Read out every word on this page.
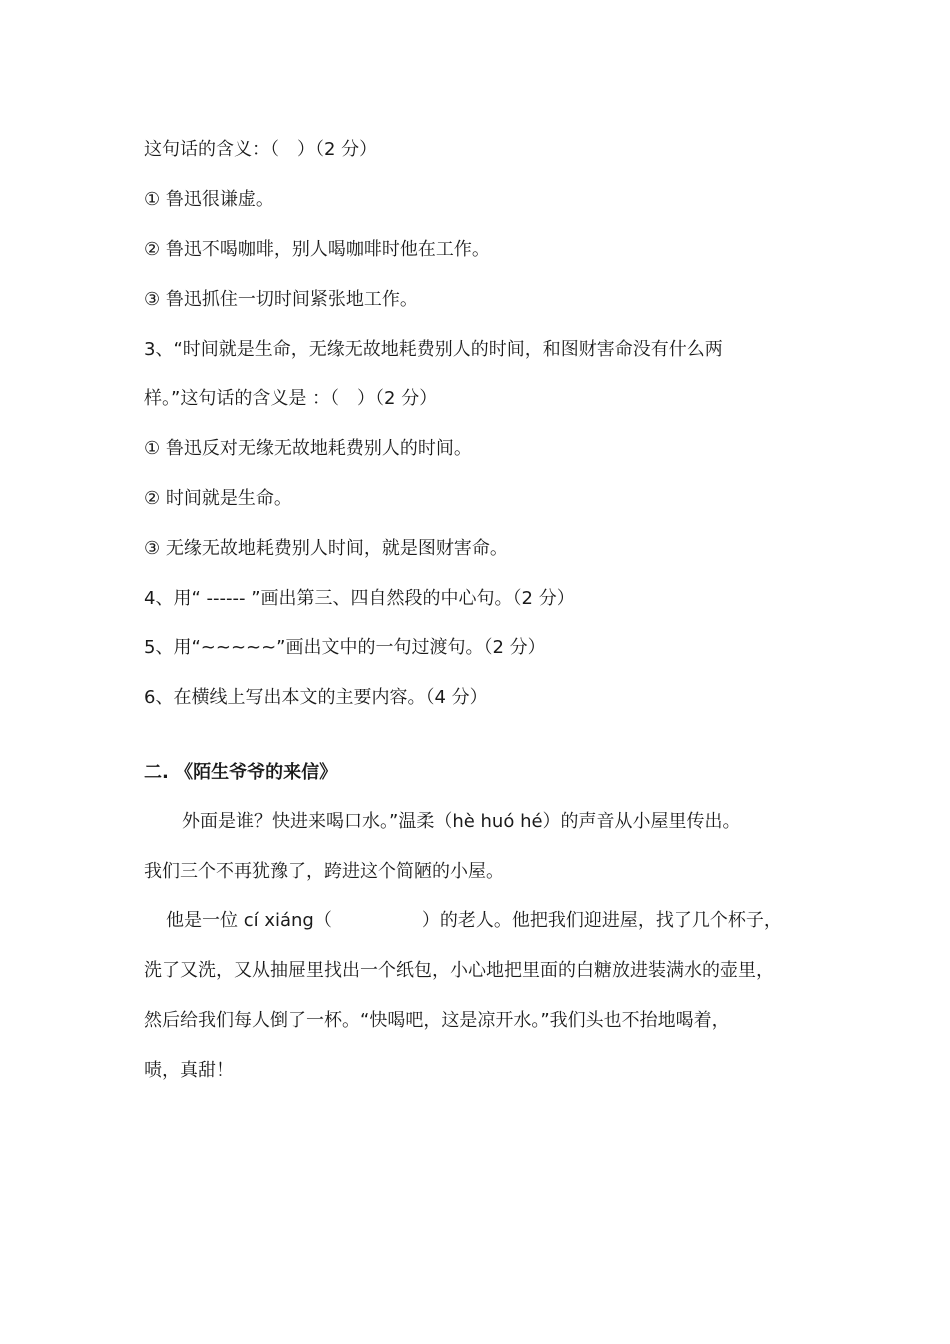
这句话的含义：（　）（2 分）
① 鲁迅很谦虚。
② 鲁迅不喝咖啡，别人喝咖啡时他在工作。
③ 鲁迅抓住一切时间紧张地工作。
3、“时间就是生命，无缘无故地耗费别人的时间，和图财害命没有什么两
样。”这句话的含义是 ：（　）（2 分）
① 鲁迅反对无缘无故地耗费别人的时间。
② 时间就是生命。
③ 无缘无故地耗费别人时间，就是图财害命。
4、用“ ------ ”画出第三、四自然段的中心句。（2 分）
5、用“~~~~~”画出文中的一句过渡句。（2 分）
6、在横线上写出本文的主要内容。（4 分）
二. 《陌生爷爷的来信》
外面是谁？快进来喝口水。”温柔（hè huó hé）的声音从小屋里传出。
我们三个不再犹豫了，跨进这个简陋的小屋。
他是一位 cí xiáng（　　　　　）的老人。他把我们迎进屋，找了几个杯子，
洗了又洗，又从抽屉里找出一个纸包，小心地把里面的白糖放进装满水的壶里，
然后给我们每人倒了一杯。“快喝吧，这是凉开水。”我们头也不抬地喝着，
啧，真甜！
